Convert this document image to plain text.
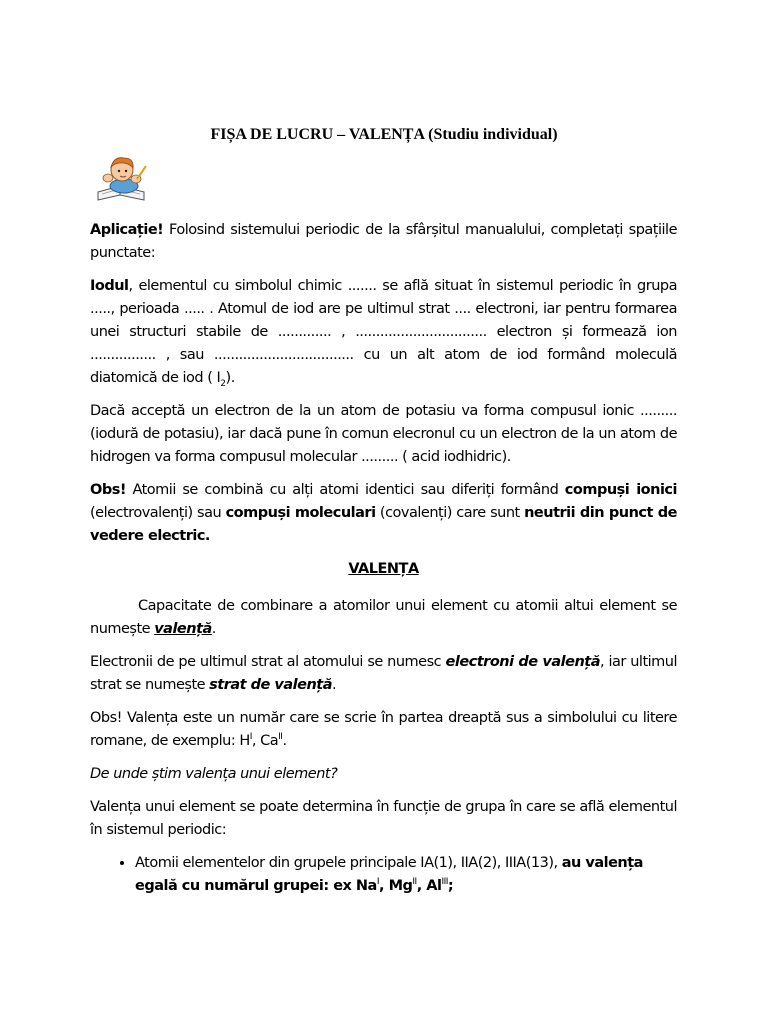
FIȘA DE LUCRU – VALENȚA (Studiu individual)

Aplicație! Folosind sistemului periodic de la sfârșitul manualului, completați spațiile punctate:

Iodul, elementul cu simbolul chimic ....... se află situat în sistemul periodic în grupa ....., perioada ..... . Atomul de iod are pe ultimul strat .... electroni, iar pentru formarea unei structuri stabile de ............. , ................................ electron și formează ion ................ , sau .................................. cu un alt atom de iod formând moleculă diatomică de iod ( $I_2$).

Dacă acceptă un electron de la un atom de potasiu va forma compusul ionic ......... (iodură de potasiu), iar dacă pune în comun elecronul cu un electron de la un atom de hidrogen va forma compusul molecular ......... ( acid iodhidric).

Obs! Atomii se combină cu alți atomi identici sau diferiți formând compuși ionici (electrovalenți) sau compuși moleculari (covalenți) care sunt neutrii din punct de vedere electric.

VALENȚA

Capacitate de combinare a atomilor unui element cu atomii altui element se numește valență.

Electronii de pe ultimul strat al atomului se numesc electroni de valență, iar ultimul strat se numește strat de valență.

Obs! Valența este un număr care se scrie în partea dreaptă sus a simbolului cu litere romane, de exemplu: $H^I$, $Ca^{II}$.

De unde știm valența unui element?

Valența unui element se poate determina în funcție de grupa în care se află elementul în sistemul periodic:

• Atomii elementelor din grupele principale IA(1), IIA(2), IIIA(13), au valența egală cu numărul grupei: ex $Na^I$, $Mg^{II}$, $Al^{III}$;
